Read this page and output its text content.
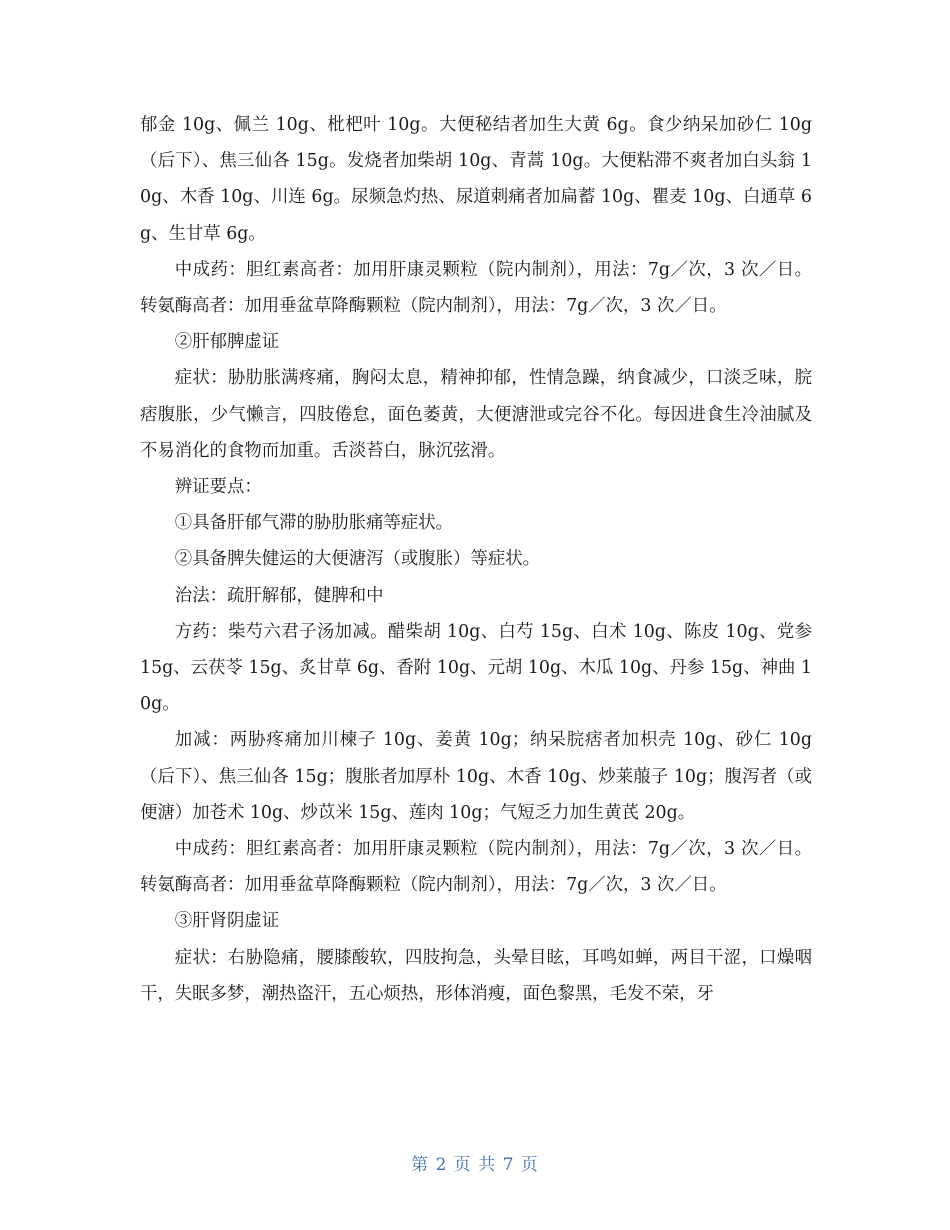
郁金 10g、佩兰 10g、枇杷叶 10g。大便秘结者加生大黄 6g。食少纳呆加砂仁 10g（后下）、焦三仙各 15g。发烧者加柴胡 10g、青蒿 10g。大便粘滞不爽者加白头翁 10g、木香 10g、川连 6g。尿频急灼热、尿道刺痛者加扁蓄 10g、瞿麦 10g、白通草 6g、生甘草 6g。

中成药：胆红素高者：加用肝康灵颗粒（院内制剂），用法：7g／次，3 次／日。转氨酶高者：加用垂盆草降酶颗粒（院内制剂），用法：7g／次，3 次／日。

②肝郁脾虚证

症状：胁肋胀满疼痛，胸闷太息，精神抑郁，性情急躁，纳食减少，口淡乏味，脘痞腹胀，少气懒言，四肢倦怠，面色萎黄，大便溏泄或完谷不化。每因进食生冷油腻及不易消化的食物而加重。舌淡苔白，脉沉弦滑。

辨证要点：

①具备肝郁气滞的胁肋胀痛等症状。

②具备脾失健运的大便溏泻（或腹胀）等症状。

治法：疏肝解郁，健脾和中

方药：柴芍六君子汤加减。醋柴胡 10g、白芍 15g、白术 10g、陈皮 10g、党参 15g、云茯苓 15g、炙甘草 6g、香附 10g、元胡 10g、木瓜 10g、丹参 15g、神曲 10g。

加减：两胁疼痛加川楝子 10g、姜黄 10g；纳呆脘痞者加枳壳 10g、砂仁 10g（后下）、焦三仙各 15g；腹胀者加厚朴 10g、木香 10g、炒莱菔子 10g；腹泻者（或便溏）加苍术 10g、炒苡米 15g、莲肉 10g；气短乏力加生黄芪 20g。

中成药：胆红素高者：加用肝康灵颗粒（院内制剂），用法：7g／次，3 次／日。转氨酶高者：加用垂盆草降酶颗粒（院内制剂），用法：7g／次，3 次／日。

③肝肾阴虚证

症状：右胁隐痛，腰膝酸软，四肢拘急，头晕目眩，耳鸣如蝉，两目干涩，口燥咽干，失眠多梦，潮热盗汗，五心烦热，形体消瘦，面色黎黑，毛发不荣，牙

第 2 页 共 7 页
